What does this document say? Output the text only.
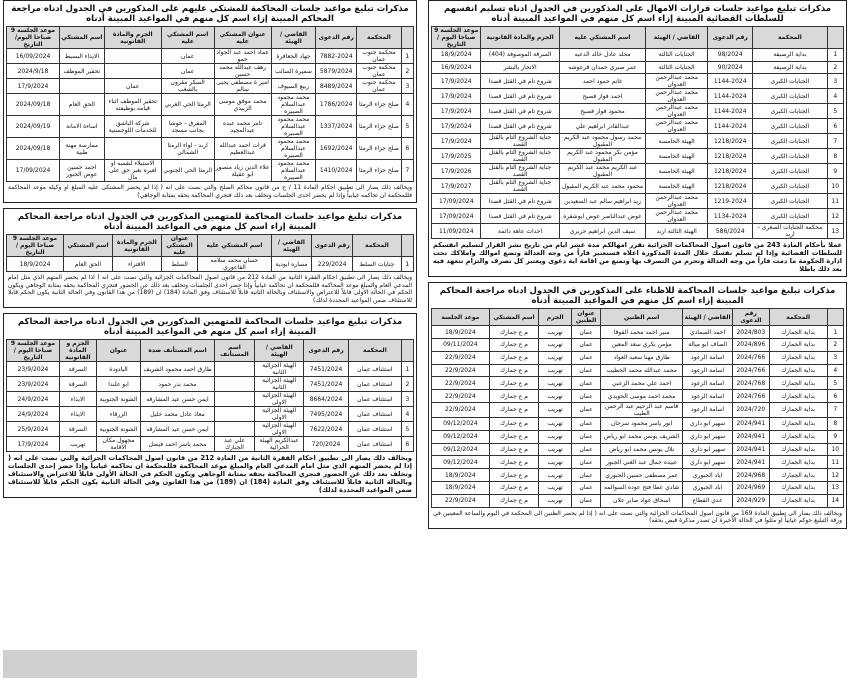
مذكرات تبليغ مواعيد جلسات قرارات الامهال على المذكورين في الجدول ادناه تسليم انفسهم للسلطات القضائية المبينة إزاء اسم كل منهم في المواعيد المبينة أدناه
	المحكمة	رقم الدعوى	القاضي / الهيئة	اسم المشتكي عليه	الجرم والمادة القانونية	موعد الجلسة 9 صباحا اليوم / التاريخ
1	بداية الرصيفة	98/2024	الجنايات الثالثة	مخلد عادل خالد الدعيه	السرقة الموصوفة (404)	18/9/2024
2	بداية الرصيفة	90/2024	الجنايات الثالثة	عمر صبري حمدان قرعوشه	الاتجار بالبشر	16/9/2024
3	الجنايات الكبرى	1144-2024	محمد عبدالرحمن العدوان	غانم حمود احمد	شروع تام في القتل قصدا	17/9/2024
4	الجنايات الكبرى	1144-2024	محمد عبدالرحمن العدوان	احمد فواز فصيح	شروع تام في القتل قصدا	17/9/2024
5	الجنايات الكبرى	1144-2024	محمد عبدالرحمن العدوان	محمود فواز فصيح	شروع تام في القتل قصدا	17/9/2024
6	الجنايات الكبرى	1144-2024	محمد عبدالرحمن العدوان	عبدالقادر ابراهيم علي	شروع تام في القتل قصدا	17/9/2024
7	الجنايات الكبرى	1218/2024	الهيئة الخامسة	محمد رسول محمود عبد الكريم المقبول	جناية الشروع التام بالقتل القصد	17/9/2024
8	الجنايات الكبرى	1218/2024	الهيئة الخامسة	مؤمن بكر محمود عبد الكريم المقبول	جناية الشروع التام بالقتل القصد	17/9/2025
9	الجنايات الكبرى	1218/2024	الهيئة الخامسة	عبد الكريم محمد عبد الكريم المقبول	جناية الشروع التام بالقتل القصد	17/9/2026
10	الجنايات الكبرى	1218/2024	الهيئة الخامسة	محمود محمد عبد الكريم المقبول	جناية الشروع التام بالقتل القصد	17/9/2027
11	الجنايات الكبرى	1219-2024	محمد عبدالرحمن العدوان	زيد ابراهيم سالم عبد السعيدين	شروع تام في القتل قصدا	17/09/2024
12	الجنايات الكبرى	1134-2024	محمد عبدالرحمن العدوان	عوض عبدالناصر عوض ابوشقره	شروع تام في القتل قصدا	17/09/2024
13	محكمة الجنايات الصغرى - اربد	586/2024	الهيئة الثالثة اربد	سيف الدين ابراهيم حريري	احداث عاهة دائمة	11/09/2024
عملا بأحكام المادة 243 من قانون اصول المحاكمات الجزائية تقرر امهالكم مدة عشر ايام من تاريخ نشر القرار لتسليم انفسكم للسلطات القضائية وإذا لم تسلم نفسك خلال المدة المذكورة اعلاه فستعتبر فاراً من وجه العدالة وتضع اموالك واملاكك تحت ادارة الحكومة ما دمت فاراً من وجه العدالة وتحرم من التصرف بها وتمنع من اقامة اية دعوى ويعتبر كل تصرف والتزام تتعهد فيه بعد ذلك باطلا
مذكرات تبليغ مواعيد جلسات المحاكمة للاظناء على المذكورين في الجدول ادناه مراجعة المحاكم المبينة إزاء اسم كل منهم في المواعيد المبينة أدناه
	المحكمة	رقم الدعوى	القاضي / الهيئة	اسم الظنين	عنوان الظنين	الجرم	اسم المشتكي	موعد الجلسة
1	بداية الجمارك	2024/803	احمد الصمادي	منير احمد محمد القوقا	عمان	تهريب	م ع جمارك	18/9/2024
2	بداية الجمارك	2024/896	الصاف ابو ميالة	مؤمن بكري سعد المعين	عمان	تهريب	م ع جمارك	09/11/2024
3	بداية الجمارك	2024/766	اسامة الرعود	طارق مهنا سعيد العواد	عمان	تهريب	م ع جمارك	22/9/2024
4	بداية الجمارك	2024/766	اسامة الرعود	محمد عبدالله محمد الخطيب	عمان	تهريب	م ع جمارك	22/9/2024
5	بداية الجمارك	2024/768	اسامة الرعود	احمد علي محمد الزعبي	عمان	تهريب	م ع جمارك	22/9/2024
6	بداية الجمارك	2024/766	اسامة الرعود	محمد احمد موسى الحويدي	عمان	تهريب	م ع جمارك	22/9/2024
7	بداية الجمارك	2024/720	اسامة الرعود	قاسم عبد الرحيم عبد الرحمن الطيب	عمان	تهريب	م ع جمارك	22/9/2024
8	بداية الجمارك	2024/941	سهير ابو داري	انور ياسر محمود سرحان	عمان	تهريب	م ع جمارك	09/12/2024
9	بداية الجمارك	2024/941	سهير ابو داري	الشريف يونس محمد ابو رياض	عمان	تهريب	م ع جمارك	09/12/2024
10	بداية الجمارك	2024/941	سهير ابو داري	بلال يونس محمد ابو رياض	عمان	تهريب	م ع جمارك	09/12/2024
11	بداية الجمارك	2024/941	سهير ابو داري	عبيده جمال عبد الغني الجبور	عمان	تهريب	م ع جمارك	09/12/2024
12	بداية الجمارك	2024/968	اياد الجبوري	عمر مصطفى حسين الجبوري	عمان	تهريب	م ع جمارك	18/9/2024
13	بداية الجمارك	2024/969	اياد الجبوري	شادي عطا فتح عوده السوالمه	عمان	تهريب	م ع جمارك	18/9/2024
14	بداية الجمارك	2024/929	عدي القطاع	اسحاق عواد صابر علان	عمان	تهريب	م ع جمارك	22/9/2024
ويخالف ذلك يصار الى تطبيق المادة 169 من قانون اصول المحاكمات الجزائية والتي نصت على انه ( إذا لم يحضر الظنين الى المحكمة في اليوم والساعة المعينين في ورقة التبليغ حوكم غيابياً او مثلوا في الحالة الأخيرة ان تصدر مذكرة قبض بحقه)
مذكرات تبليغ مواعيد جلسات المحاكمة للمشتكي عليهم على المذكورين في الجدول ادناه مراجعة المحاكم المبينة إزاء اسم كل منهم في المواعيد المبينة أدناه
	المحكمة	رقم الدعوى	القاضي / الهيئة	عنوان المشتكي عليه	اسم المشتكي عليه	الجرم والمادة القانونية	اسم المشتكي	موعد الجلسة 9 صباحا اليوم/التاريخ
1	محكمة جنوب عمان	7882-2024	جهاد الجعافرة	عماد احمد عبد الجواد حمو	عمان		الايذاء البسيط	16/09/2024
2	محكمة جنوب عمان	5879/2024	سميرة السائب	رهف عبدالله محمد حسين	عمان		تحقير الموظف	2024/9/18
3	محكمة جنوب عمان	8489/2024	ربيع السيوف	امير ة مصطفى يحيى سالم	السكر مقرون بالشغب	عمان		17/9/2024
4	صلح جزاء الرمثا	1786/2024	محمد محمود عبدالسلام الصبيره	محمد موفق موسى الزبيدي	الرمثا الحي الغربي	تحقير الموظف اثناء قيامه بوظيفته	الحق العام	2024/09/18
5	صلح جزاء الرمثا	1337/2024	محمد محمود عبدالسلام الصبيره	تامر محمد عبده عبدالمجيد	المفرق - حوشا بجانب مسجد	شركة الباشق للخدمات اللوجستية	اساءة الامانة	2024/09/19
6	صلح جزاء الرمثا	1692/2024	محمد محمود عبدالسلام الصبيره	قرات احمد عبدالله عبدالعظيم	اربد - لواء الرمثا الشمالي		ممارسة مهنة طبية	2024/09/18
7	صلح جزاء الرمثا	1410/2024	محمد محمود عبدالسلام الصبيره	علاء الدين زياد منصور ابو عقيلة	الرمثا الحي الجنوبي	الاستيلاء لنفسه او لغيره بغير حق على مال	احمد حسين عوض الجبور	17/09/2024
ويخالف ذلك يصار الى تطبيق احكام المادة 11 / ج من قانون محاكم الصلح والتي نصت على انه ( إذا لم يحضر المشتكى عليه المبلغ او وكيله موعد المحاكمة فللمحكمة ان تحاكمه غيابياً وإذا لم يحضر احدى الجلسات وتخلف بعد ذلك فتجري المحاكمة بحقه بمثابة الوجاهي)
مذكرات تبليغ مواعيد جلسات المحاكمة للمتهمين المذكورين في الجدول ادناه مراجعة المحاكم المبينة إزاء اسم كل منهم في المواعيد المبينة أدناه
	المحكمة	رقم الدعوى	القاضي / الهيئة	اسم المشتكي عليه	عنوان المشتكي عليه	الجرم والمادة القانونية	اسم المشتكي	موعد الجلسة 9 صباحا اليوم / التاريخ
1	جنايات السلط	229/2024	مساره ابودية	حسان محمد سلامه القاعوري	السلط	الافتراء	الحق العام	18/9/2024
ويخالف ذلك يصار الى تطبيق احكام الفقرة الثانية من المادة 212 من قانون اصول المحاكمات الجزائية والتي نصت على انه ( اذا لم يحضر المتهم الذي مثل امام المدعي العام والمبلغ موعد المحاكمة فللمحكمة ان تحاكمه غيابياً وإذا حضر احدى الجلسات وتخلف بعد ذلك عن الحضور فتجري المحاكمة بحقه بمثابة الوجاهي ويكون الحكم في الحالة الاولى قابلاً للاعتراض والاستئناف وبالحالة الثانية قابلاً للاستئناف وفق المادة (184) ان (189) من هذا القانون وفي الحالة الثانية يكون الحكم قابلا للاستئناف ضمن المواعيد المحددة لذلك)
مذكرات تبليغ مواعيد جلسات المحاكمة للمتهمين المذكورين في الجدول ادناه مراجعة المحاكم المبينة إزاء اسم كل منهم في المواعيد المبينة أدناه
	المحكمة	رقم الدعوى	القاضي / الهيئة	اسم المستأنف	اسم المستأنف ضده	عنوان	الجرم و المادة القانونية	موعد الجلسة 9 صباحا اليوم / التاريخ
1	استئناف عمان	7451/2024	الهيئة الجزائية الثانية		طارق احمد محمود الشريف	اليادودة	السرقة	23/9/2024
2	استئناف عمان	7451/2024	الهيئة الجزائية الثانية		محمد بدر حمود	ابو علندا	السرقة	23/9/2024
3	استئناف عمان	8664/2024	الهيئة الجزائية الاولى		ايمن حسن عيد المشارقه	الشونة الجنوبية	الايذاء	24/9/2024
4	استئناف عمان	7495/2024	الهيئة الجزائية الاولى		معاذ عادل محمد خليل	الزرقاء	الايذاء	24/9/2024
5	استئناف عمان	7622/2024	الهيئة الجزائية الاولى		ايمن حسن عيد المشارقه	الشونة الجنوبية	السرقة	25/9/2024
6	استئناف عمان	720/2024	عبدالكريم الهيئة الجزائية	علي عبد الجبارك	محمد ياسر احمد فيضل	مجهول مكان الاقامة	تهريب	17/9/2024
ويخالف ذلك يصار الى تطبيق احكام الفقرة الثانية من المادة 212 من قانون اصول المحاكمات الجزائية والتي نصت على انه ( إذا لم يحضر المتهم الذي مثل امام المدعي العام والمبلغ موعد المحاكمة فللمحكمة ان تحاكمه غيابياً وإذا حضر إحدى الجلسات وتخلف بعد ذلك عن الحضور فتجري المحاكمة بحقه بمثابة الوجاهي ويكون الحكم في الحالة الأولى قابلاً للاعتراض والاستئناف وبالحالة الثانية قابلاً للاستئناف وفق المادة (184) ان (189) من هذا القانون وفي الحالة الثانية يكون الحكم قابلاً للاستئناف ضمن المواعيد المحددة لذلك)
